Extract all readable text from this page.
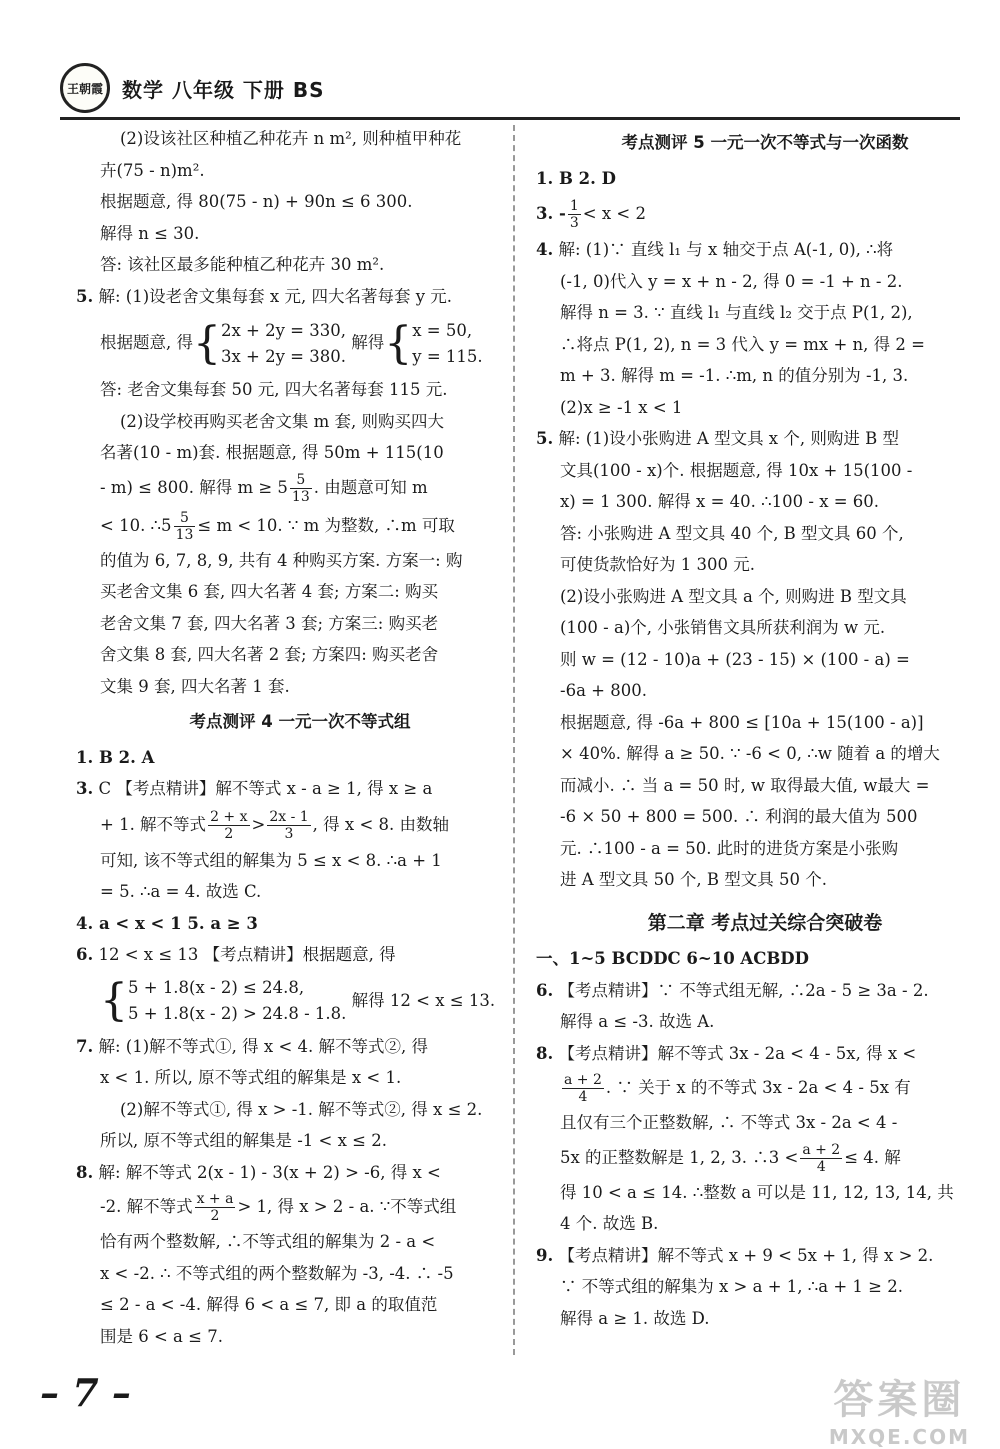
王朝霞 数学 八年级 下册 BS
(2)设该社区种植乙种花卉 n m², 则种植甲种花
卉(75 - n)m².
根据题意, 得 80(75 - n) + 90n ≤ 6 300.
解得 n ≤ 30.
答: 该社区最多能种植乙种花卉 30 m².
5. 解: (1)设老舍文集每套 x 元, 四大名著每套 y 元.
根据题意, 得{ 2x + 2y = 330,
3x + 2y = 380.
解得{ x = 50,
y = 115.
答: 老舍文集每套 50 元, 四大名著每套 115 元.
(2)设学校再购买老舍文集 m 套, 则购买四大
名著(10 - m)套. 根据题意, 得 50m + 115(10
- m) ≤ 800. 解得 $m \ge 5 \frac{5}{13}$ . 由题意可知 m
< 10. ∴5 $\frac{5}{13} \le m < 10$. ∵ m 为整数, ∴m 可取
的值为 6, 7, 8, 9, 共有 4 种购买方案. 方案一: 购
买老舍文集 6 套, 四大名著 4 套; 方案二: 购买
老舍文集 7 套, 四大名著 3 套; 方案三: 购买老
舍文集 8 套, 四大名著 2 套; 方案四: 购买老舍
文集 9 套, 四大名著 1 套.
考点测评 4 一元一次不等式组
1. B 2. A
3. C 【考点精讲】解不等式 x - a ≥ 1, 得 x ≥ a
+ 1. 解不等式 $\frac{2 + x}{2} > \frac{2x - 1}{3}$ , 得 x < 8. 由数轴
可知, 该不等式组的解集为 5 ≤ x < 8. ∴a + 1
= 5. ∴a = 4. 故选 C.
4. a < x < 1 5. a ≥ 3
6. 12 < x ≤ 13 【考点精讲】根据题意, 得
{ 5 + 1.8(x - 2) ≤ 24.8,
5 + 1.8(x - 2) > 24.8 - 1.8.
解得 12 < x ≤ 13.
7. 解: (1)解不等式①, 得 x < 4. 解不等式②, 得
x < 1. 所以, 原不等式组的解集是 x < 1.
(2)解不等式①, 得 x > -1. 解不等式②, 得 x ≤ 2.
所以, 原不等式组的解集是 -1 < x ≤ 2.
8. 解: 解不等式 2(x - 1) - 3(x + 2) > -6, 得 x <
-2. 解不等式 $\frac{x + a}{2} > 1$, 得 x > 2 - a. ∵不等式组
恰有两个整数解, ∴不等式组的解集为 2 - a <
x < -2. ∴ 不等式组的两个整数解为 -3, -4. ∴ -5
≤ 2 - a < -4. 解得 6 < a ≤ 7, 即 a 的取值范
围是 6 < a ≤ 7.
考点测评 5 一元一次不等式与一次函数
1. B 2. D
3. - $\frac{1}{3} < x < 2$
4. 解: (1)∵ 直线 l₁ 与 x 轴交于点 A(-1, 0), ∴将
(-1, 0)代入 y = x + n - 2, 得 0 = -1 + n - 2.
解得 n = 3. ∵ 直线 l₁ 与直线 l₂ 交于点 P(1, 2),
∴将点 P(1, 2), n = 3 代入 y = mx + n, 得 2 =
m + 3. 解得 m = -1. ∴m, n 的值分别为 -1, 3.
(2)x ≥ -1 x < 1
5. 解: (1)设小张购进 A 型文具 x 个, 则购进 B 型
文具(100 - x)个. 根据题意, 得 10x + 15(100 -
x) = 1 300. 解得 x = 40. ∴100 - x = 60.
答: 小张购进 A 型文具 40 个, B 型文具 60 个,
可使货款恰好为 1 300 元.
(2)设小张购进 A 型文具 a 个, 则购进 B 型文具
(100 - a)个, 小张销售文具所获利润为 w 元.
则 w = (12 - 10)a + (23 - 15) × (100 - a) =
-6a + 800.
根据题意, 得 -6a + 800 ≤ [10a + 15(100 - a)]
× 40%. 解得 a ≥ 50. ∵ -6 < 0, ∴w 随着 a 的增大
而减小. ∴ 当 a = 50 时, w 取得最大值, w最大 =
-6 × 50 + 800 = 500. ∴ 利润的最大值为 500
元. ∴100 - a = 50. 此时的进货方案是小张购
进 A 型文具 50 个, B 型文具 50 个.
第二章 考点过关综合突破卷
一、1~5 BCDDC 6~10 ACBDD
6. 【考点精讲】∵ 不等式组无解, ∴2a - 5 ≥ 3a - 2.
解得 a ≤ -3. 故选 A.
8. 【考点精讲】解不等式 3x - 2a < 4 - 5x, 得 x <
$\frac{a + 2}{4}$ . ∵ 关于 x 的不等式 3x - 2a < 4 - 5x 有
且仅有三个正整数解, ∴ 不等式 3x - 2a < 4 -
5x 的正整数解是 1, 2, 3. ∴3 < $\frac{a + 2}{4} \le 4$. 解
得 10 < a ≤ 14. ∴整数 a 可以是 11, 12, 13, 14, 共
4 个. 故选 B.
9. 【考点精讲】解不等式 x + 9 < 5x + 1, 得 x > 2.
∵ 不等式组的解集为 x > a + 1, ∴a + 1 ≥ 2.
解得 a ≥ 1. 故选 D.
– 7 –	答案圈
MXQE.COM
